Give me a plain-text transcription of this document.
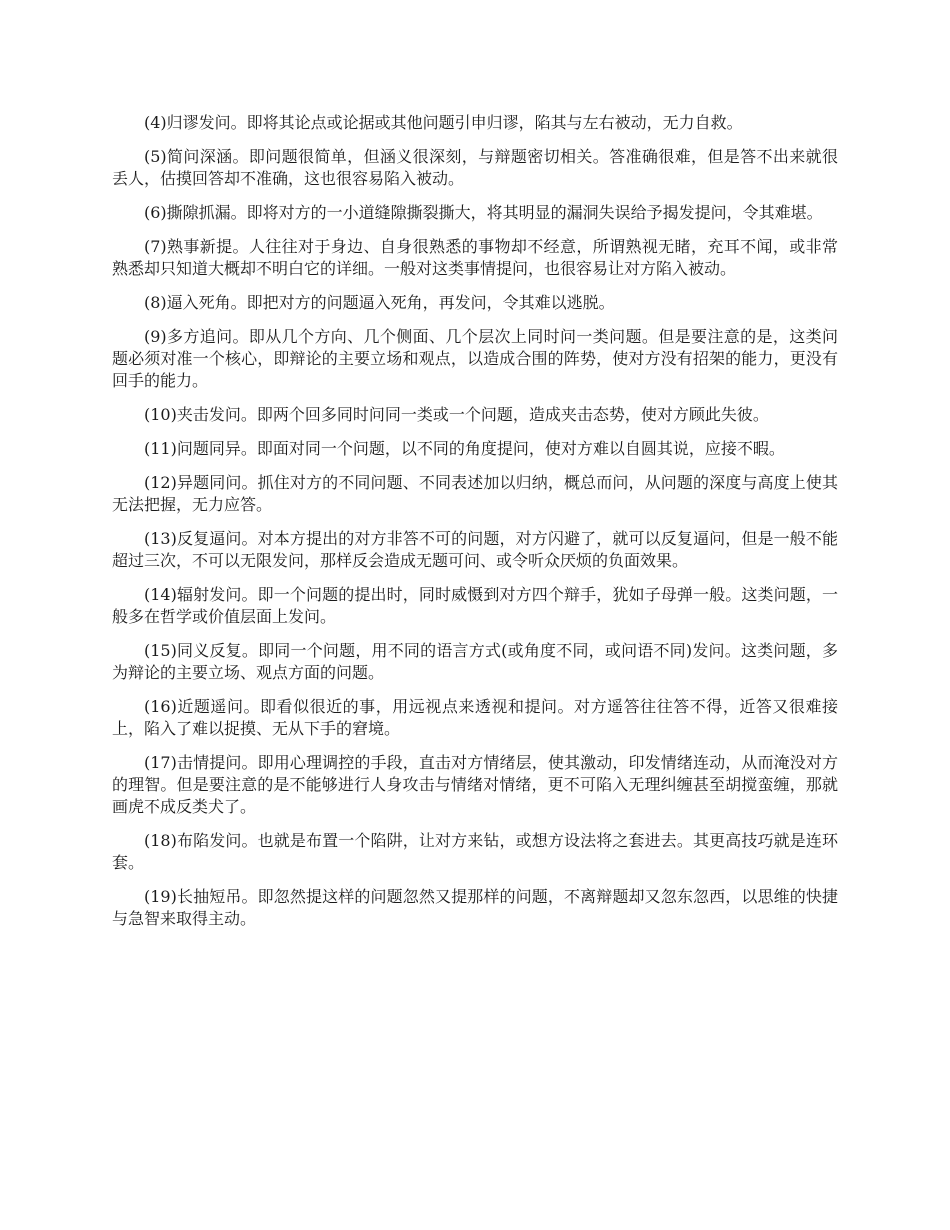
(4)归谬发问。即将其论点或论据或其他问题引申归谬，陷其与左右被动，无力自救。

(5)简问深涵。即问题很简单，但涵义很深刻，与辩题密切相关。答准确很难，但是答不出来就很丢人，估摸回答却不准确，这也很容易陷入被动。

(6)撕隙抓漏。即将对方的一小道缝隙撕裂撕大，将其明显的漏洞失误给予揭发提问，令其难堪。

(7)熟事新提。人往往对于身边、自身很熟悉的事物却不经意，所谓熟视无睹，充耳不闻，或非常熟悉却只知道大概却不明白它的详细。一般对这类事情提问，也很容易让对方陷入被动。

(8)逼入死角。即把对方的问题逼入死角，再发问，令其难以逃脱。

(9)多方追问。即从几个方向、几个侧面、几个层次上同时问一类问题。但是要注意的是，这类问题必须对准一个核心，即辩论的主要立场和观点，以造成合围的阵势，使对方没有招架的能力，更没有回手的能力。

(10)夹击发问。即两个回多同时问同一类或一个问题，造成夹击态势，使对方顾此失彼。

(11)问题同异。即面对同一个问题，以不同的角度提问，使对方难以自圆其说，应接不暇。

(12)异题同问。抓住对方的不同问题、不同表述加以归纳，概总而问，从问题的深度与高度上使其无法把握，无力应答。

(13)反复逼问。对本方提出的对方非答不可的问题，对方闪避了，就可以反复逼问，但是一般不能超过三次，不可以无限发问，那样反会造成无题可问、或令听众厌烦的负面效果。

(14)辐射发问。即一个问题的提出时，同时威慑到对方四个辩手，犹如子母弹一般。这类问题，一般多在哲学或价值层面上发问。

(15)同义反复。即同一个问题，用不同的语言方式(或角度不同，或问语不同)发问。这类问题，多为辩论的主要立场、观点方面的问题。

(16)近题遥问。即看似很近的事，用远视点来透视和提问。对方遥答往往答不得，近答又很难接上，陷入了难以捉摸、无从下手的窘境。

(17)击情提问。即用心理调控的手段，直击对方情绪层，使其激动，印发情绪连动，从而淹没对方的理智。但是要注意的是不能够进行人身攻击与情绪对情绪，更不可陷入无理纠缠甚至胡搅蛮缠，那就画虎不成反类犬了。

(18)布陷发问。也就是布置一个陷阱，让对方来钻，或想方设法将之套进去。其更高技巧就是连环套。

(19)长抽短吊。即忽然提这样的问题忽然又提那样的问题，不离辩题却又忽东忽西，以思维的快捷与急智来取得主动。
